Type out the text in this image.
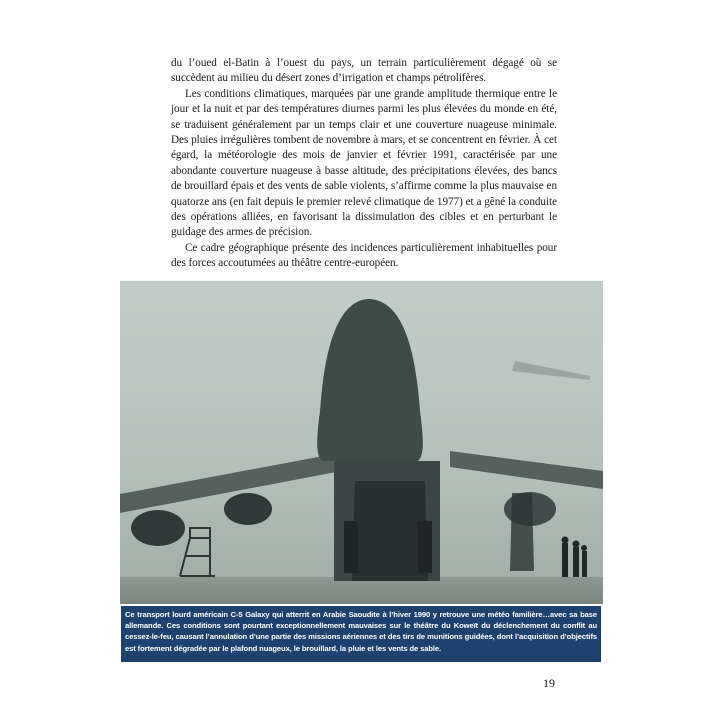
du l’oued el-Batin à l’ouest du pays, un terrain particulièrement dégagé où se succèdent au milieu du désert zones d’irrigation et champs pétrolifères.

Les conditions climatiques, marquées par une grande amplitude thermique entre le jour et la nuit et par des températures diurnes parmi les plus élevées du monde en été, se traduisent généralement par un temps clair et une couverture nuageuse minimale. Des pluies irrégulières tombent de novembre à mars, et se concentrent en février. À cet égard, la météorologie des mois de janvier et février 1991, caractérisée par une abondante couverture nuageuse à basse altitude, des précipitations élevées, des bancs de brouillard épais et des vents de sable violents, s’affirme comme la plus mauvaise en quatorze ans (en fait depuis le premier relevé climatique de 1977) et a gêné la conduite des opérations alliées, en favorisant la dissimulation des cibles et en perturbant le guidage des armes de précision.

Ce cadre géographique présente des incidences particulièrement inhabituelles pour des forces accoutumées au théâtre centre-européen.

Ce transport lourd américain C-5 Galaxy qui atterrit en Arabie Saoudite à l’hiver 1990 y retrouve une météo familière…avec sa base allemande. Ces conditions sont pourtant exceptionnellement mauvaises sur le théâtre du Koweït du déclenchement du conflit au cessez-le-feu, causant l’annulation d’une partie des missions aériennes et des tirs de munitions guidées, dont l’acquisition d’objectifs est fortement dégradée par le plafond nuageux, le brouillard, la pluie et les vents de sable.
19
